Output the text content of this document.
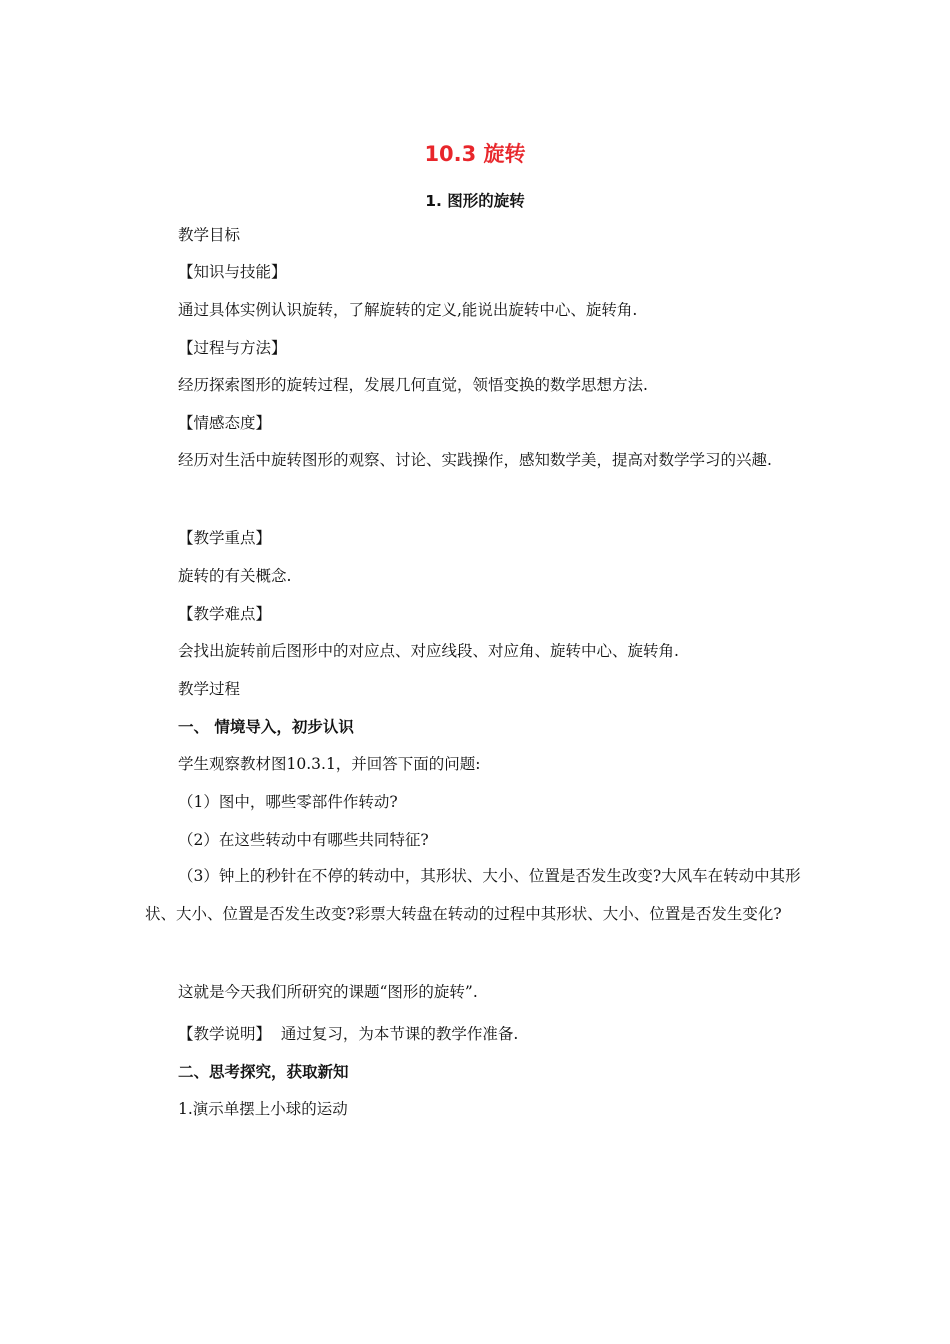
10.3 旋转
1. 图形的旋转
教学目标
【知识与技能】
通过具体实例认识旋转，了解旋转的定义,能说出旋转中心、旋转角.
【过程与方法】
经历探索图形的旋转过程，发展几何直觉，领悟变换的数学思想方法.
【情感态度】
经历对生活中旋转图形的观察、讨论、实践操作，感知数学美，提高对数学学习的兴趣.
【教学重点】
旋转的有关概念.
【教学难点】
会找出旋转前后图形中的对应点、对应线段、对应角、旋转中心、旋转角.
教学过程
一、 情境导入，初步认识
学生观察教材图10.3.1，并回答下面的问题:
（1）图中，哪些零部件作转动?
（2）在这些转动中有哪些共同特征?
（3）钟上的秒针在不停的转动中，其形状、大小、位置是否发生改变?大风车在转动中其形状、大小、位置是否发生改变?彩票大转盘在转动的过程中其形状、大小、位置是否发生变化?
这就是今天我们所研究的课题“图形的旋转”.
【教学说明】  通过复习，为本节课的教学作准备.
二、思考探究，获取新知
1.演示单摆上小球的运动
